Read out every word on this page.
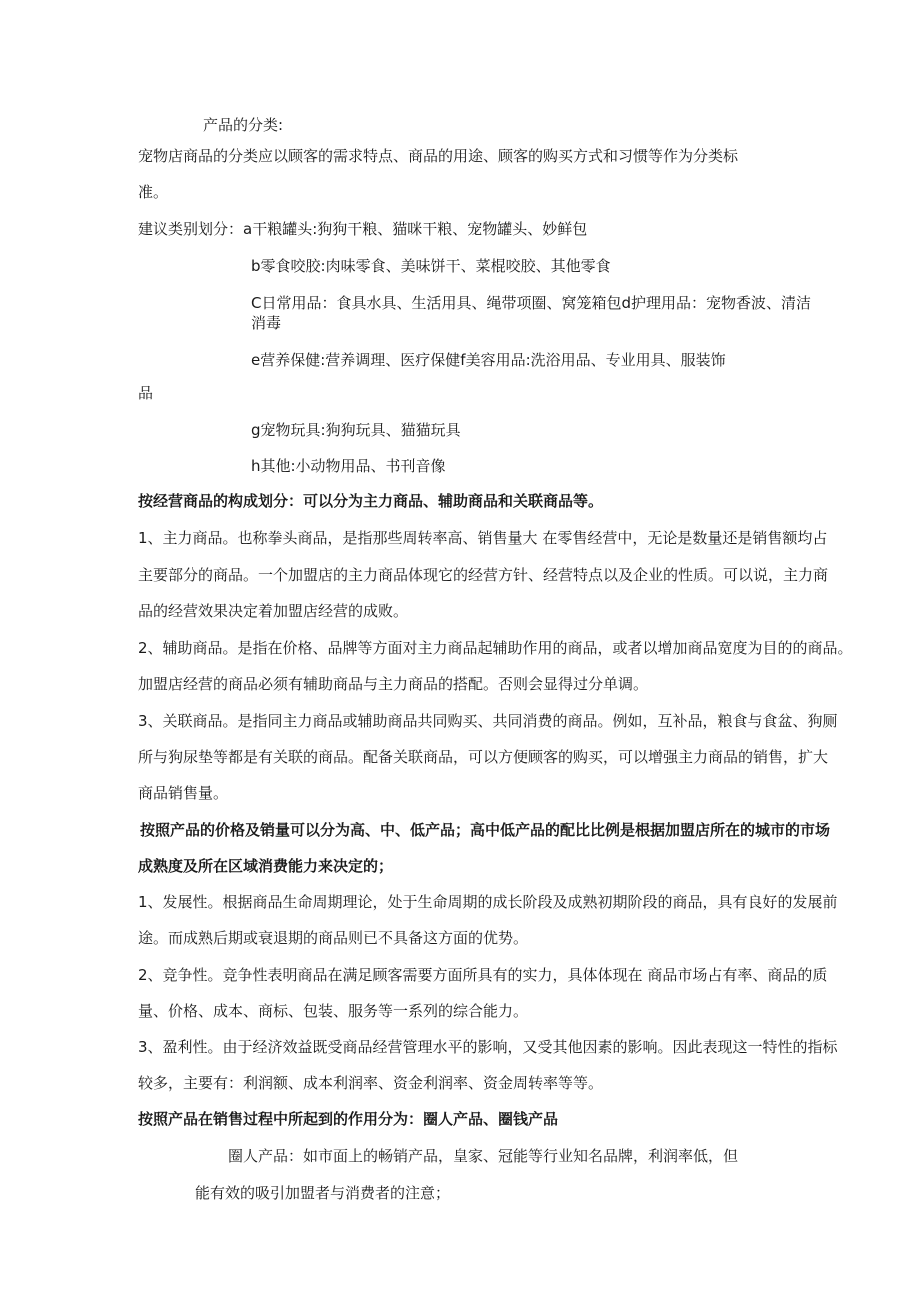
产品的分类:
宠物店商品的分类应以顾客的需求特点、商品的用途、顾客的购买方式和习惯等作为分类标
准。
建议类别划分：a干粮罐头:狗狗干粮、猫咪干粮、宠物罐头、妙鲜包
b零食咬胶:肉味零食、美味饼干、菜棍咬胶、其他零食
C日常用品：食具水具、生活用具、绳带项圈、窝笼箱包d护理用品：宠物香波、清洁
消毒
e营养保健:营养调理、医疗保健f美容用品:洗浴用品、专业用具、服装饰
品
g宠物玩具:狗狗玩具、猫猫玩具
h其他:小动物用品、书刊音像
按经营商品的构成划分：可以分为主力商品、辅助商品和关联商品等。
1、主力商品。也称拳头商品，是指那些周转率高、销售量大 在零售经营中，无论是数量还是销售额均占
主要部分的商品。一个加盟店的主力商品体现它的经营方针、经营特点以及企业的性质。可以说，主力商
品的经营效果决定着加盟店经营的成败。
2、辅助商品。是指在价格、品牌等方面对主力商品起辅助作用的商品，或者以增加商品宽度为目的的商品。
加盟店经营的商品必须有辅助商品与主力商品的搭配。否则会显得过分单调。
3、关联商品。是指同主力商品或辅助商品共同购买、共同消费的商品。例如，互补品，粮食与食盆、狗厕
所与狗尿垫等都是有关联的商品。配备关联商品，可以方便顾客的购买，可以增强主力商品的销售，扩大
商品销售量。
按照产品的价格及销量可以分为高、中、低产品；高中低产品的配比比例是根据加盟店所在的城市的市场
成熟度及所在区域消费能力来决定的；
1、发展性。根据商品生命周期理论，处于生命周期的成长阶段及成熟初期阶段的商品，具有良好的发展前
途。而成熟后期或衰退期的商品则已不具备这方面的优势。
2、竞争性。竞争性表明商品在满足顾客需要方面所具有的实力，具体体现在 商品市场占有率、商品的质
量、价格、成本、商标、包装、服务等一系列的综合能力。
3、盈利性。由于经济效益既受商品经营管理水平的影响，又受其他因素的影响。因此表现这一特性的指标
较多，主要有：利润额、成本利润率、资金利润率、资金周转率等等。
按照产品在销售过程中所起到的作用分为：圈人产品、圈钱产品
圈人产品：如市面上的畅销产品，皇家、冠能等行业知名品牌，利润率低，但
能有效的吸引加盟者与消费者的注意；
